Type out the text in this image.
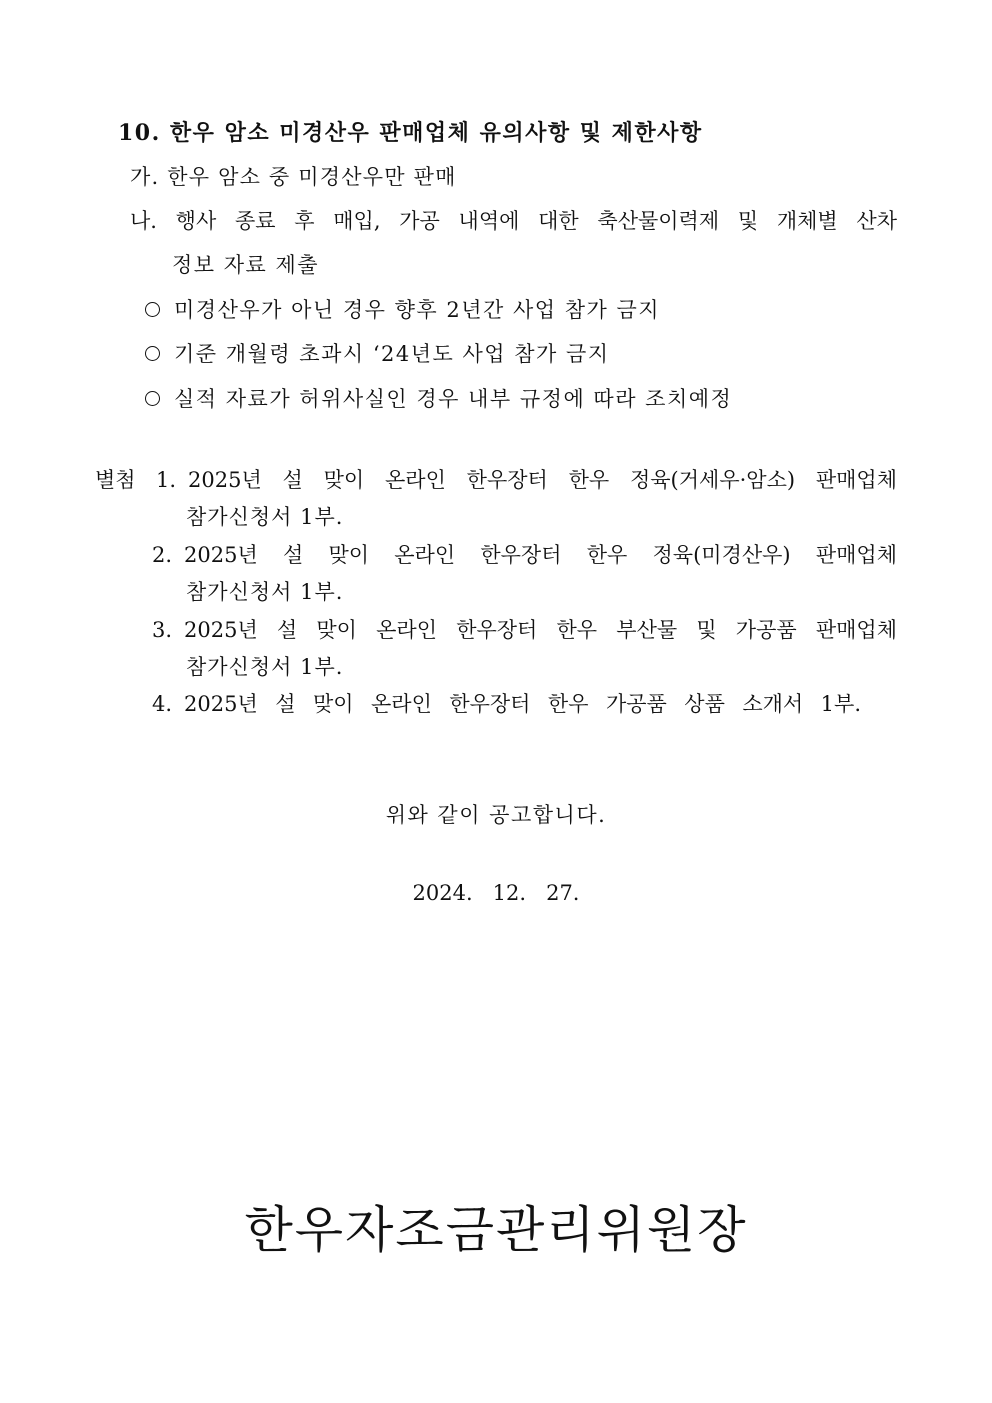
10. 한우 암소 미경산우 판매업체 유의사항 및 제한사항
가. 한우 암소 중 미경산우만 판매
나. 행사 종료 후 매입, 가공 내역에 대한 축산물이력제 및 개체별 산차
정보 자료 제출
미경산우가 아닌 경우 향후 2년간 사업 참가 금지
기준 개월령 초과시 ‘24년도 사업 참가 금지
실적 자료가 허위사실인 경우 내부 규정에 따라 조치예정
별첨 1. 2025년 설 맞이 온라인 한우장터 한우 정육(거세우·암소) 판매업체
참가신청서 1부.
2. 2025년 설 맞이 온라인 한우장터 한우 정육(미경산우) 판매업체
참가신청서 1부.
3. 2025년 설 맞이 온라인 한우장터 한우 부산물 및 가공품 판매업체
참가신청서 1부.
4. 2025년 설 맞이 온라인 한우장터 한우 가공품 상품 소개서 1부.
위와 같이 공고합니다.
2024.   12.   27.
한우자조금관리위원장
